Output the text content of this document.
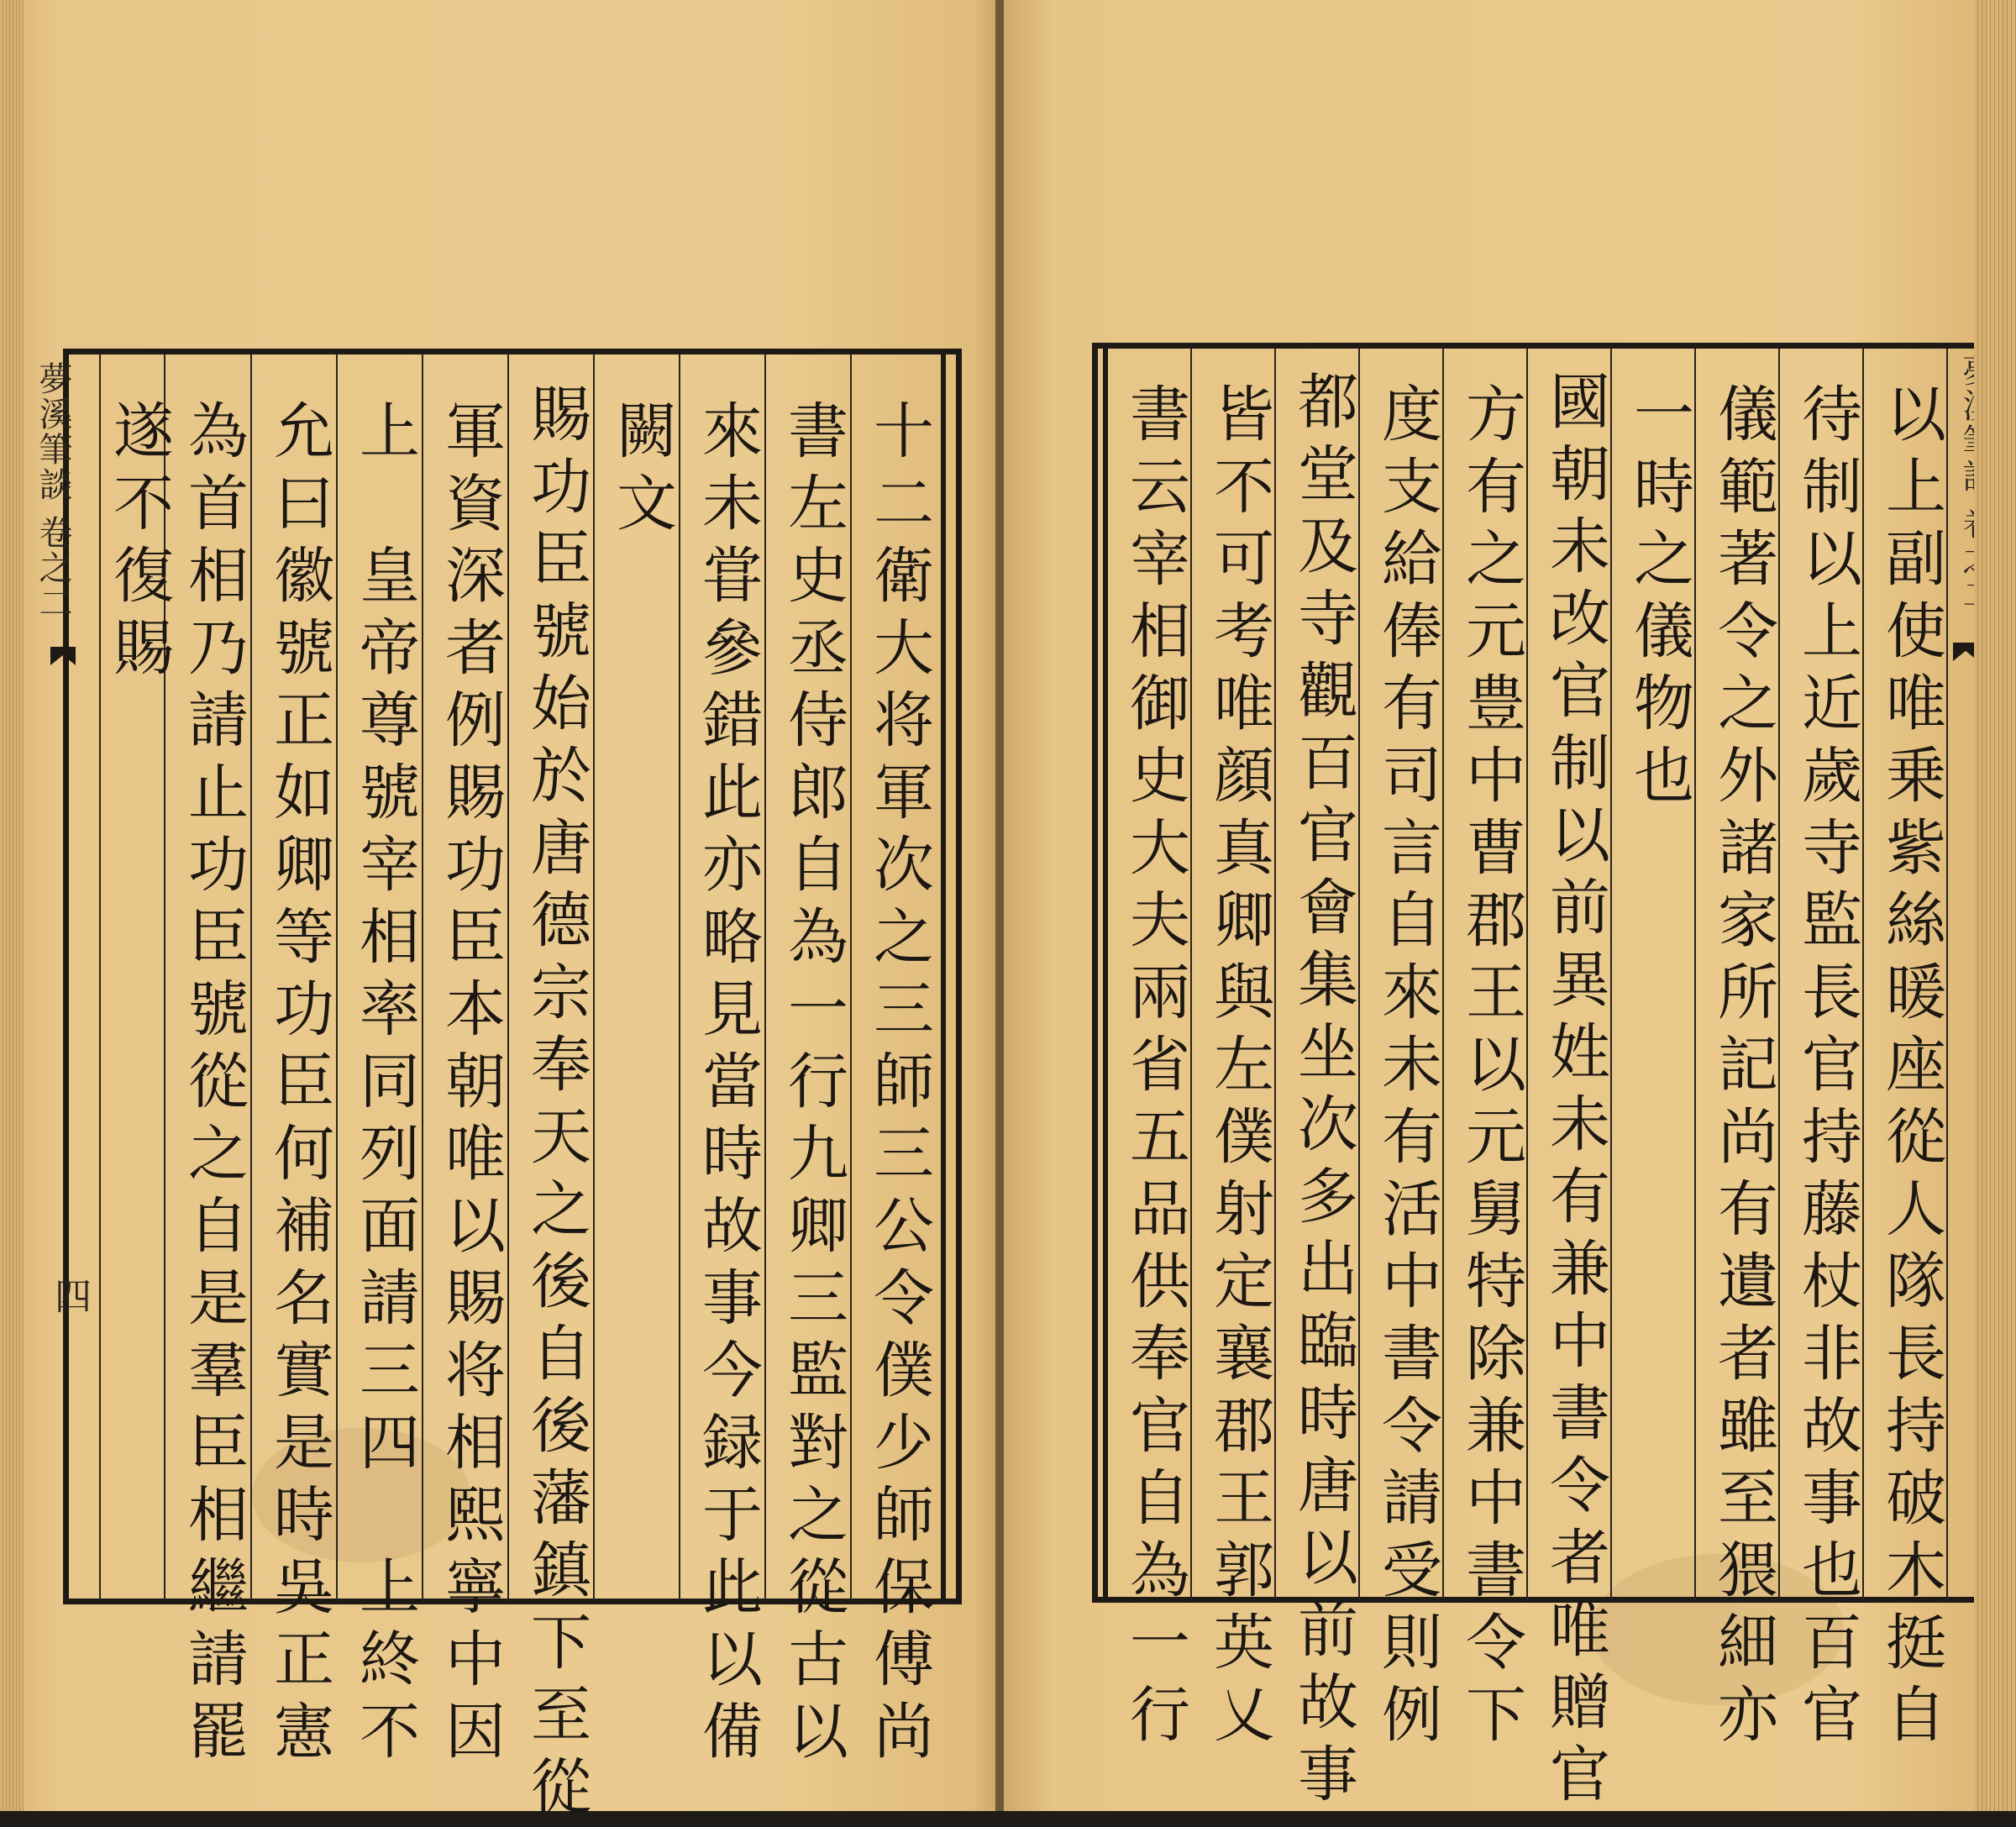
夢溪筆談 卷之二
四	十二衛大将軍次之三師三公令僕少師保傅尚
書左史丞侍郎自為一行九卿三監對之從古以
來未甞參錯此亦略見當時故事今録于此以備
闕文
賜功臣號始於唐德宗奉天之後自後藩鎮下至從
軍資深者例賜功臣本朝唯以賜将相熙寧中因
上　皇帝尊號宰相率同列面請三四　上終不
允曰徽號正如卿等功臣何補名實是時吳正憲
為首相乃請止功臣號從之自是羣臣相繼請罷
遂不復賜	以上副使唯乗紫絲暖座從人隊長持破木挺自
待制以上近歲寺監長官持藤杖非故事也百官
儀範著令之外諸家所記尚有遺者雖至猥細亦
一時之儀物也
國朝未改官制以前異姓未有兼中書令者唯贈官
方有之元豊中曹郡王以元舅特除兼中書令下
度支給俸有司言自來未有活中書令請受則例
都堂及寺觀百官會集坐次多出臨時唐以前故事
皆不可考唯顔真卿與左僕射定襄郡王郭英乂
書云宰相御史大夫兩省五品供奉官自為一行
